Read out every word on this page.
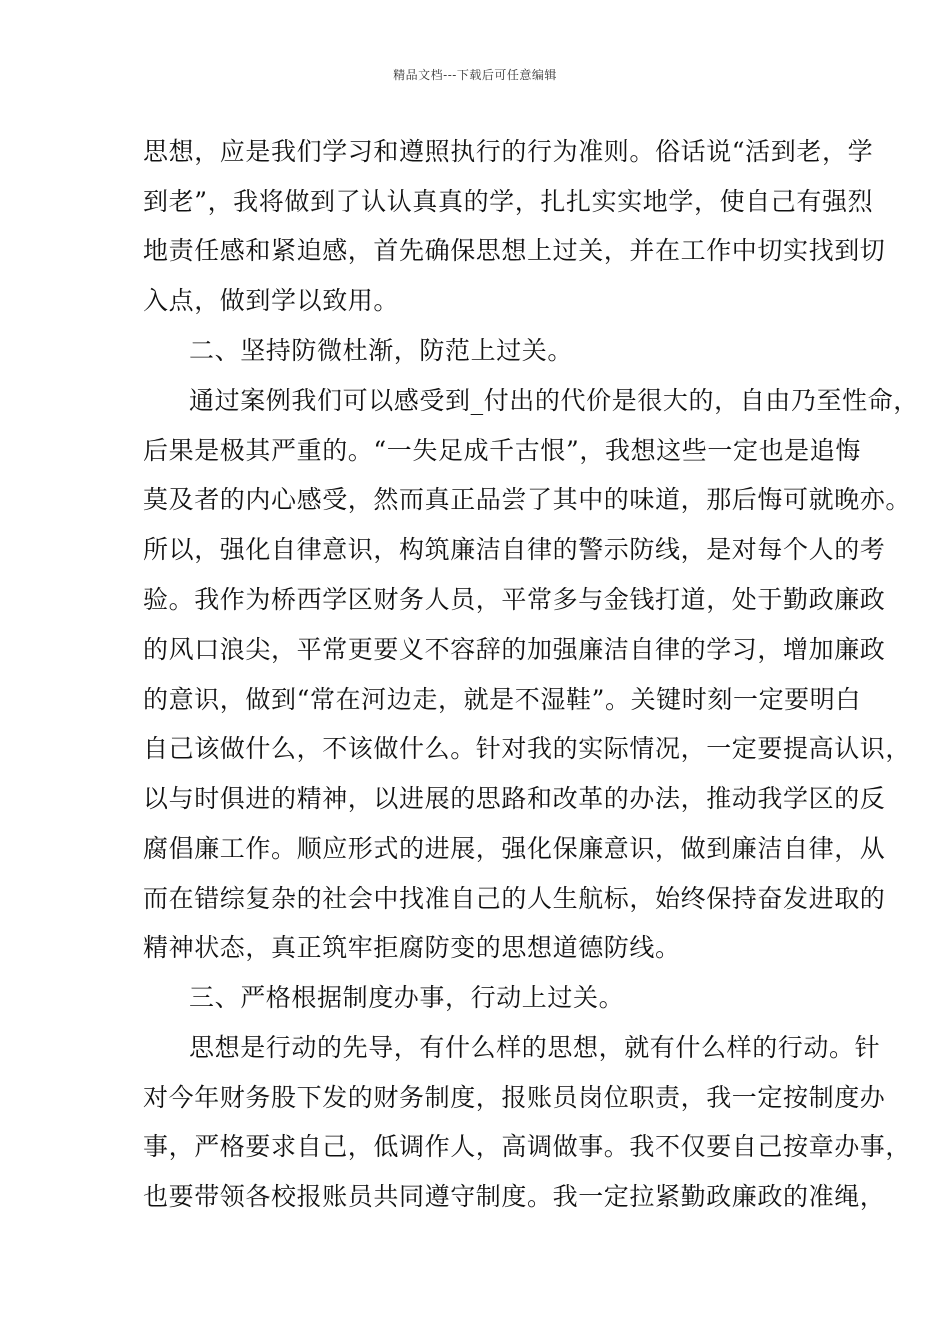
精品文档---下载后可任意编辑
思想，应是我们学习和遵照执行的行为准则。俗话说“活到老，学
到老”，我将做到了认认真真的学，扎扎实实地学，使自己有强烈
地责任感和紧迫感，首先确保思想上过关，并在工作中切实找到切
入点，做到学以致用。
二、坚持防微杜渐，防范上过关。
通过案例我们可以感受到_付出的代价是很大的，自由乃至性命，
后果是极其严重的。“一失足成千古恨”，我想这些一定也是追悔
莫及者的内心感受，然而真正品尝了其中的味道，那后悔可就晚亦。
所以，强化自律意识，构筑廉洁自律的警示防线，是对每个人的考
验。我作为桥西学区财务人员，平常多与金钱打道，处于勤政廉政
的风口浪尖，平常更要义不容辞的加强廉洁自律的学习，增加廉政
的意识，做到“常在河边走，就是不湿鞋”。关键时刻一定要明白
自己该做什么，不该做什么。针对我的实际情况，一定要提高认识，
以与时俱进的精神，以进展的思路和改革的办法，推动我学区的反
腐倡廉工作。顺应形式的进展，强化保廉意识，做到廉洁自律，从
而在错综复杂的社会中找准自己的人生航标，始终保持奋发进取的
精神状态，真正筑牢拒腐防变的思想道德防线。
三、严格根据制度办事，行动上过关。
思想是行动的先导，有什么样的思想，就有什么样的行动。针
对今年财务股下发的财务制度，报账员岗位职责，我一定按制度办
事，严格要求自己，低调作人，高调做事。我不仅要自己按章办事，
也要带领各校报账员共同遵守制度。我一定拉紧勤政廉政的准绳，
